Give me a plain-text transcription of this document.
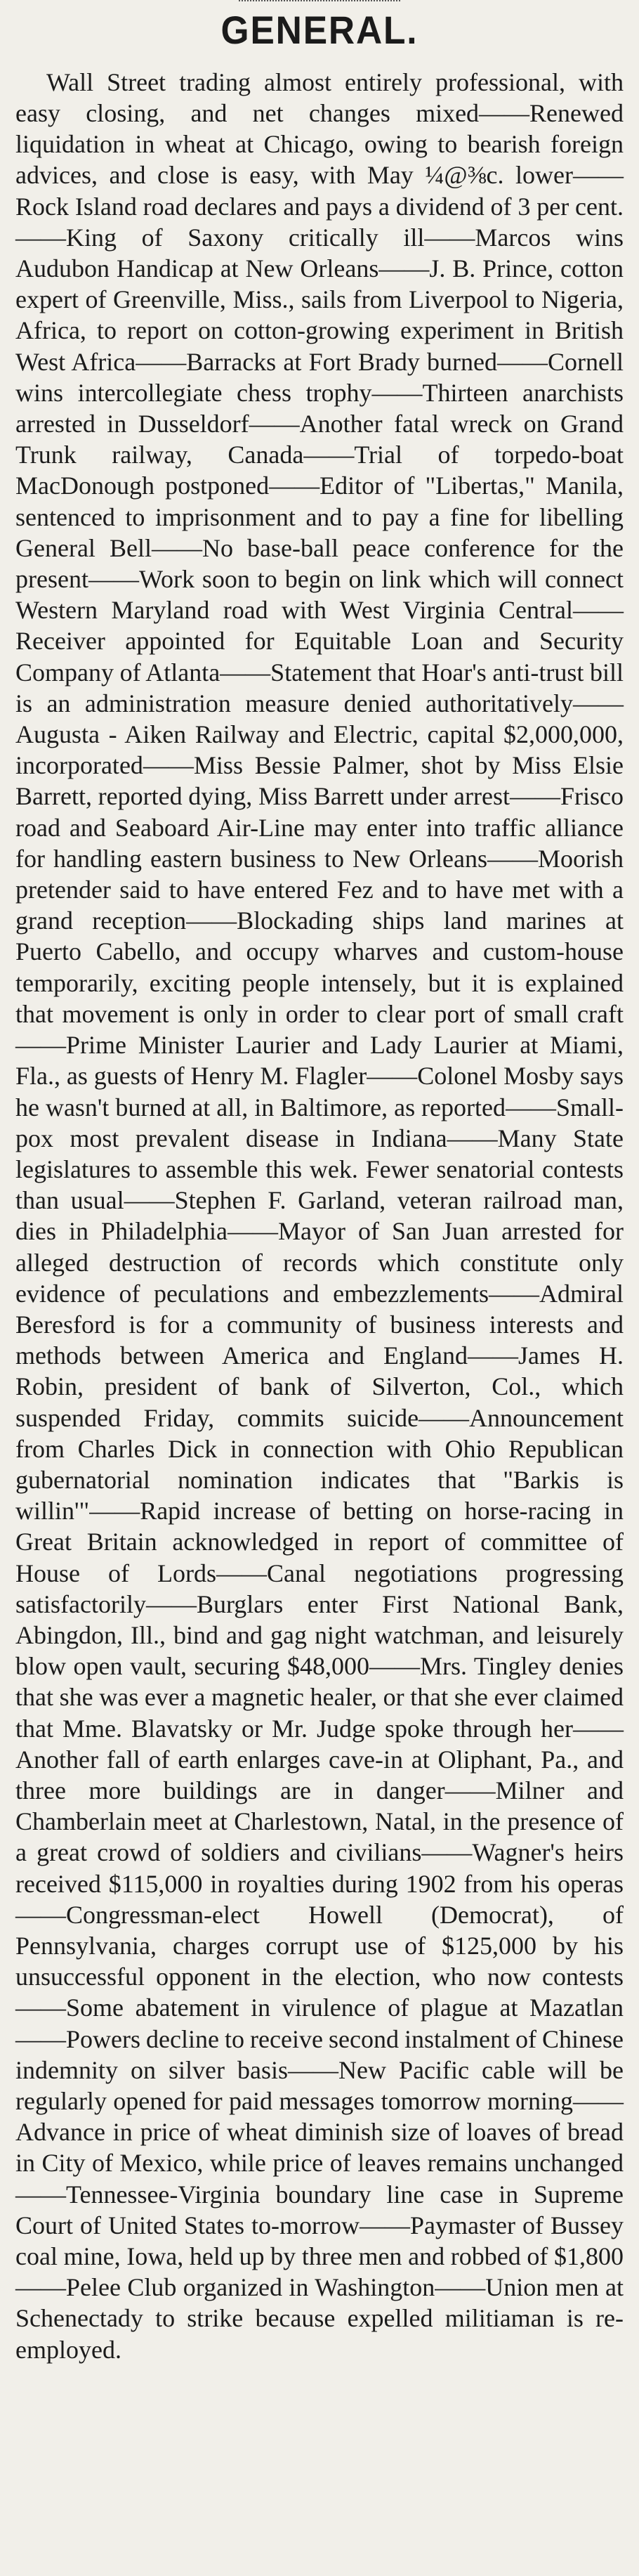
GENERAL.

Wall Street trading almost entirely professional, with easy closing, and net changes mixed——Renewed liquidation in wheat at Chicago, owing to bearish foreign advices, and close is easy, with May ¼@⅜c. lower——Rock Island road declares and pays a dividend of 3 per cent.——King of Saxony critically ill——Marcos wins Audubon Handicap at New Orleans——J. B. Prince, cotton expert of Greenville, Miss., sails from Liverpool to Nigeria, Africa, to report on cotton-growing experiment in British West Africa——Barracks at Fort Brady burned——Cornell wins intercollegiate chess trophy——Thirteen anarchists arrested in Dusseldorf——Another fatal wreck on Grand Trunk railway, Canada——Trial of torpedo-boat MacDonough postponed——Editor of "Libertas," Manila, sentenced to imprisonment and to pay a fine for libelling General Bell——No base-ball peace conference for the present——Work soon to begin on link which will connect Western Maryland road with West Virginia Central——Receiver appointed for Equitable Loan and Security Company of Atlanta——Statement that Hoar's anti-trust bill is an administration measure denied authoritatively——Augusta - Aiken Railway and Electric, capital $2,000,000, incorporated——Miss Bessie Palmer, shot by Miss Elsie Barrett, reported dying, Miss Barrett under arrest——Frisco road and Seaboard Air-Line may enter into traffic alliance for handling eastern business to New Orleans——Moorish pretender said to have entered Fez and to have met with a grand reception——Blockading ships land marines at Puerto Cabello, and occupy wharves and custom-house temporarily, exciting people intensely, but it is explained that movement is only in order to clear port of small craft——Prime Minister Laurier and Lady Laurier at Miami, Fla., as guests of Henry M. Flagler——Colonel Mosby says he wasn't burned at all, in Baltimore, as reported——Small-pox most prevalent disease in Indiana——Many State legislatures to assemble this wek. Fewer senatorial contests than usual——Stephen F. Garland, veteran railroad man, dies in Philadelphia——Mayor of San Juan arrested for alleged destruction of records which constitute only evidence of peculations and embezzlements——Admiral Beresford is for a community of business interests and methods between America and England——James H. Robin, president of bank of Silverton, Col., which suspended Friday, commits suicide——Announcement from Charles Dick in connection with Ohio Republican gubernatorial nomination indicates that "Barkis is willin'"——Rapid increase of betting on horse-racing in Great Britain acknowledged in report of committee of House of Lords——Canal negotiations progressing satisfactorily——Burglars enter First National Bank, Abingdon, Ill., bind and gag night watchman, and leisurely blow open vault, securing $48,000——Mrs. Tingley denies that she was ever a magnetic healer, or that she ever claimed that Mme. Blavatsky or Mr. Judge spoke through her——Another fall of earth enlarges cave-in at Oliphant, Pa., and three more buildings are in danger——Milner and Chamberlain meet at Charlestown, Natal, in the presence of a great crowd of soldiers and civilians——Wagner's heirs received $115,000 in royalties during 1902 from his operas——Congressman-elect Howell (Democrat), of Pennsylvania, charges corrupt use of $125,000 by his unsuccessful opponent in the election, who now contests——Some abatement in virulence of plague at Mazatlan——Powers decline to receive second instalment of Chinese indemnity on silver basis——New Pacific cable will be regularly opened for paid messages tomorrow morning——Advance in price of wheat diminish size of loaves of bread in City of Mexico, while price of leaves remains unchanged——Tennessee-Virginia boundary line case in Supreme Court of United States to-morrow——Paymaster of Bussey coal mine, Iowa, held up by three men and robbed of $1,800——Pelee Club organized in Washington——Union men at Schenectady to strike because expelled militiaman is re-employed.
